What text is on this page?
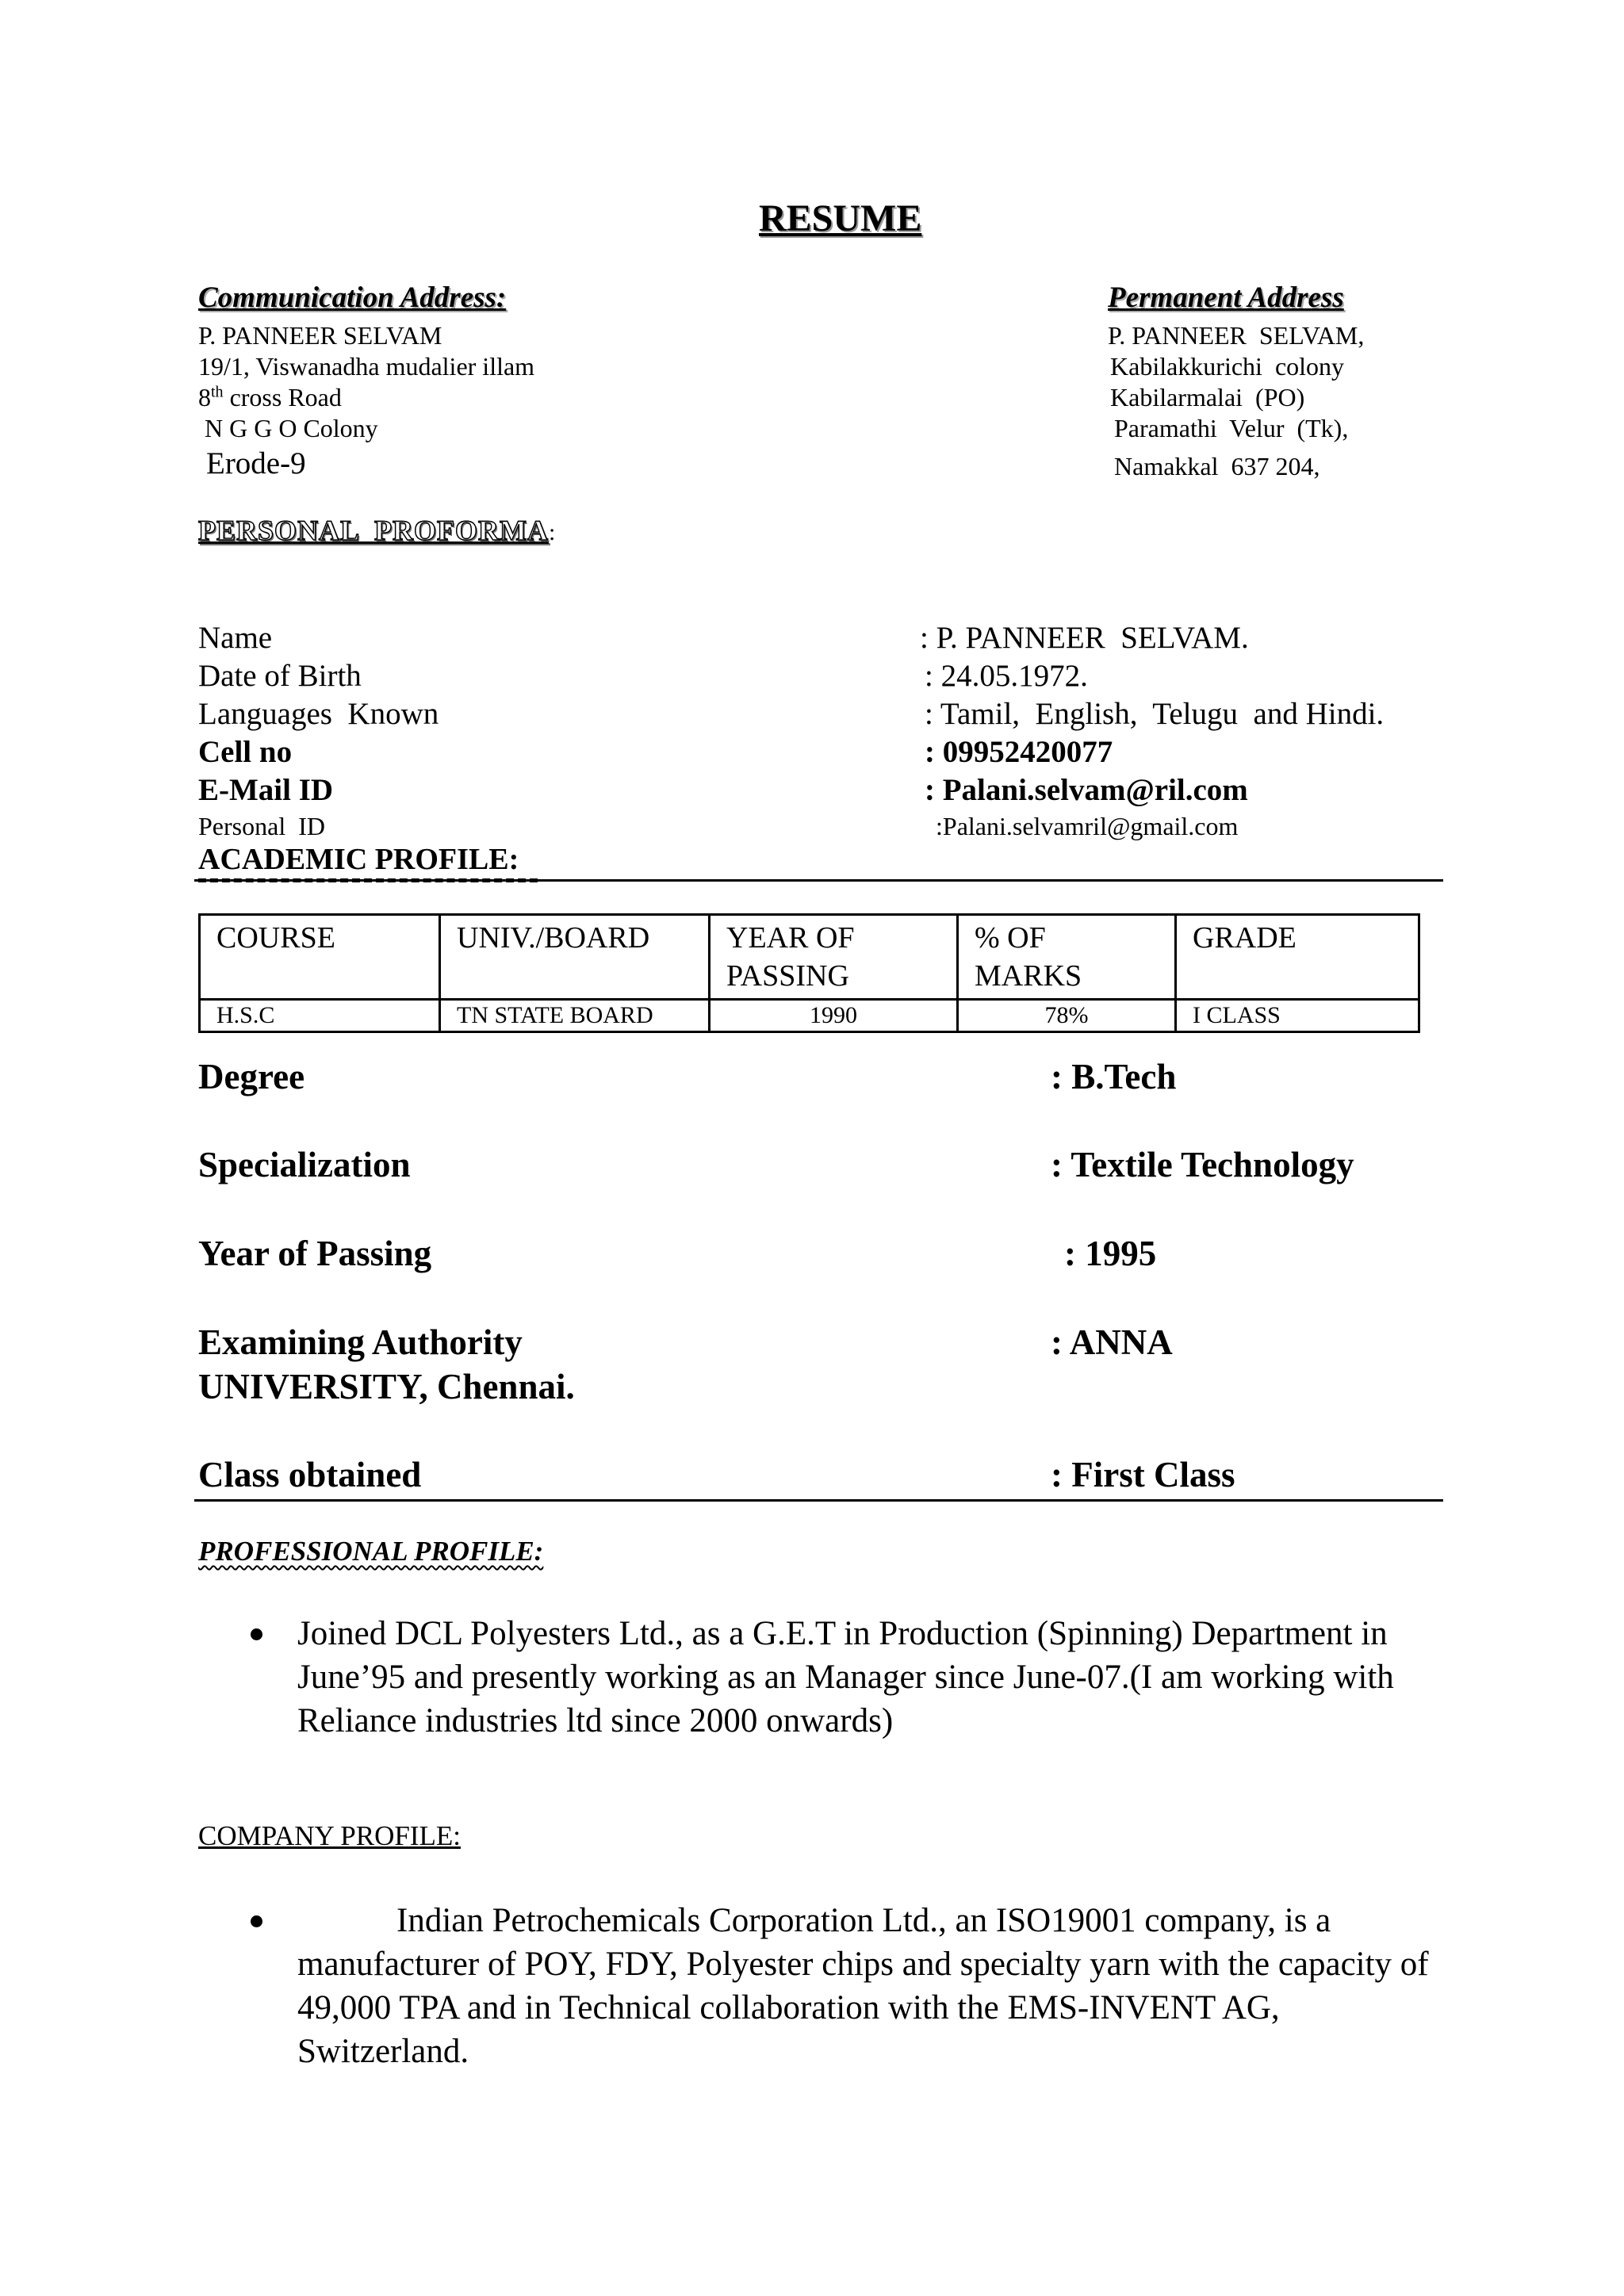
RESUME
Communication Address:
P. PANNEER SELVAM
19/1, Viswanadha mudalier illam
8th cross Road
N G G O Colony
Erode-9
Permanent Address
P. PANNEER  SELVAM,
Kabilakkurichi  colony
Kabilarmalai  (PO)
Paramathi  Velur  (Tk),
Namakkal  637 204,
PERSONAL  PROFORMA:
Name	: P. PANNEER  SELVAM.
Date of Birth	: 24.05.1972.
Languages  Known	: Tamil,  English,  Telugu  and Hindi.
Cell no	: 09952420077
E-Mail ID	: Palani.selvam@ril.com
Personal  ID	:Palani.selvamril@gmail.com
ACADEMIC PROFILE:
COURSE	UNIV./BOARD	YEAR OF PASSING	% OF MARKS	GRADE
H.S.C	TN STATE BOARD	1990	78%	I CLASS
Degree	: B.Tech
Specialization	: Textile Technology
Year of Passing	: 1995
Examining Authority	: ANNA
UNIVERSITY, Chennai.
Class obtained	: First Class
PROFESSIONAL PROFILE:
Joined DCL Polyesters Ltd., as a G.E.T in Production (Spinning) Department in June’95 and presently working as an Manager since June-07.(I am working with Reliance industries ltd since 2000 onwards)
COMPANY PROFILE:
Indian Petrochemicals Corporation Ltd., an ISO19001 company, is a manufacturer of POY, FDY, Polyester chips and specialty yarn with the capacity of 49,000 TPA and in Technical collaboration with the EMS-INVENT AG, Switzerland.
